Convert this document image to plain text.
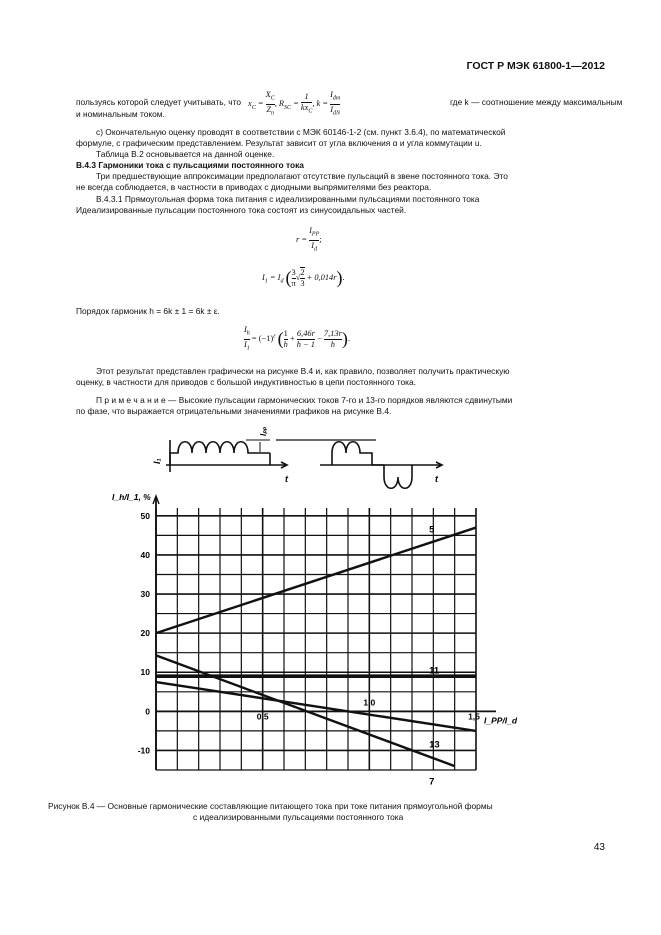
ГОСТ Р МЭК 61800-1—2012
пользуясь которой следует учитывать, что $x_C = \frac{X_C}{Z_n}$ , $R_{SC} = \frac{1}{kx_C}$ , $k = \frac{I_{dm}}{I_{dN}}$	где k — соотношение между максимальным
и номинальным током.
c) Окончательную оценку проводят в соответствии с МЭК 60146-1-2 (см. пункт 3.6.4), по математической
формуле, с графическим представлением. Результат зависит от угла включения α и угла коммутации u.
Таблица В.2 основывается на данной оценке.
В.4.3 Гармоники тока с пульсациями постоянного тока
Три предшествующие аппроксимации предполагают отсутствие пульсаций в звене постоянного тока. Это
не всегда соблюдается, в частности в приводах с диодными выпрямителями без реактора.
В.4.3.1 Прямоугольная форма тока питания с идеализированными пульсациями постоянного тока
Идеализированные пульсации постоянного тока состоят из синусоидальных частей.
$r = \frac{I_{PP}}{I_d}$ ;
$I_1 = I_d$ ( $\frac{3}{\pi}$ √ $\frac{2}{3} + 0,014r$).
Порядок гармоник h = 6k ± 1 = 6k ± ε.
$\frac{I_h}{I_1} = (-1)^\varepsilon$ ( $\frac{1}{h} + \frac{6,46r}{h - 1} - \frac{7,13r}{h}$ ).
Этот результат представлен графически на рисунке В.4 и, как правило, позволяет получить практическую
оценку, в частности для приводов с большой индуктивностью в цепи постоянного тока.
П р и м е ч а н и е — Высокие пульсации гармонических токов 7-го и 13-го порядков являются сдвинутыми
по фазе, что выражается отрицательными значениями графиков на рисунке В.4.
I₁
t
Iₚₚ
t
-10
0
10
20
30
40
50
0,5
1,0
1,5
I_h/I_1, %
I_PP/I_d
5
11
13
7
Рисунок В.4 — Основные гармонические составляющие питающего тока при токе питания прямоугольной формы
с идеализированными пульсациями постоянного тока
43
